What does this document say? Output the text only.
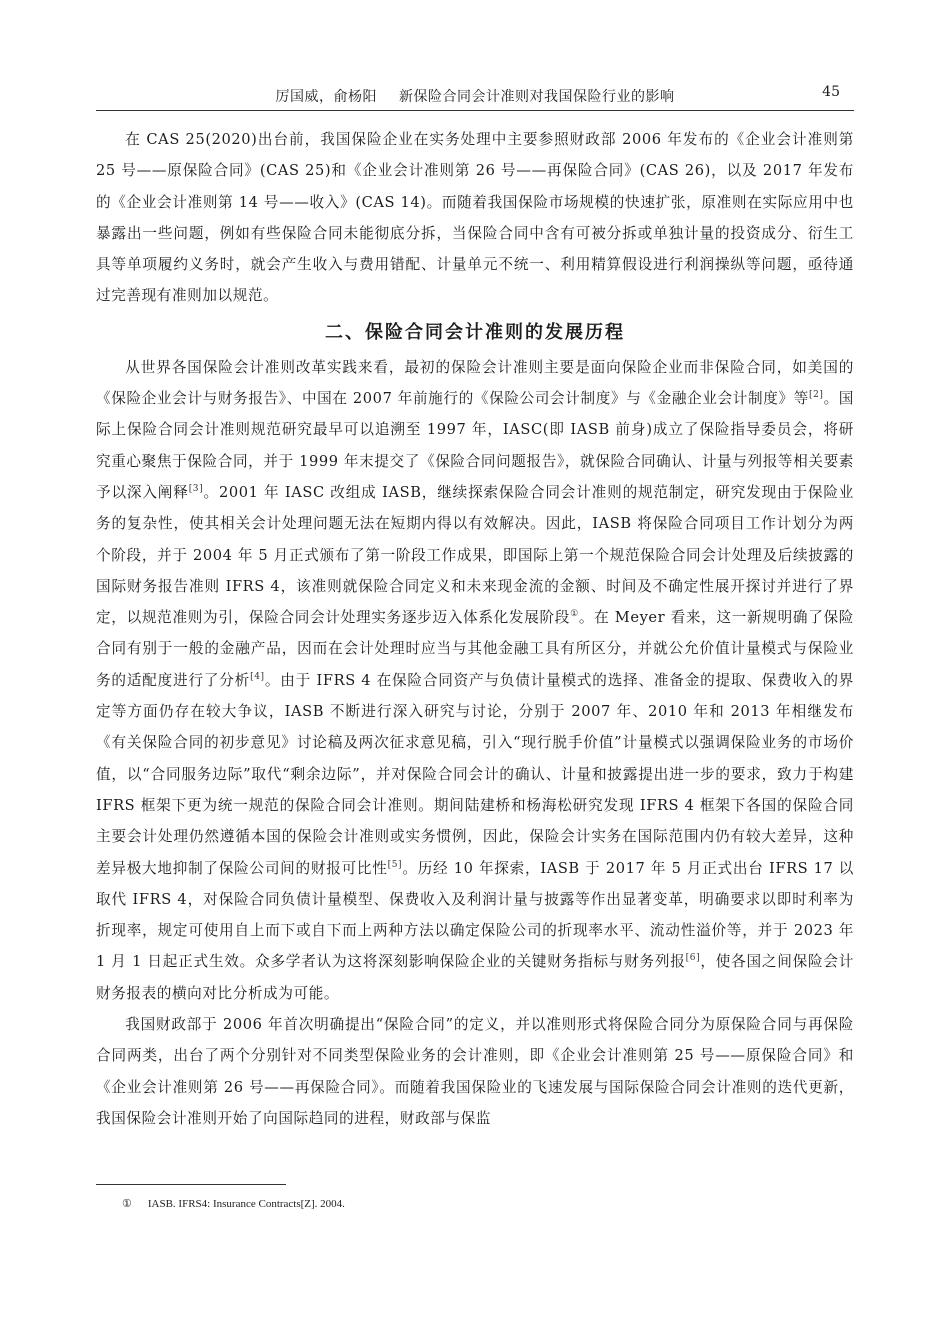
厉国威，俞杨阳 新保险合同会计准则对我国保险行业的影响	45

在 CAS 25(2020)出台前，我国保险企业在实务处理中主要参照财政部 2006 年发布的《企业会计准则第 25 号——原保险合同》(CAS 25)和《企业会计准则第 26 号——再保险合同》(CAS 26)，以及 2017 年发布的《企业会计准则第 14 号——收入》(CAS 14)。而随着我国保险市场规模的快速扩张，原准则在实际应用中也暴露出一些问题，例如有些保险合同未能彻底分拆，当保险合同中含有可被分拆或单独计量的投资成分、衍生工具等单项履约义务时，就会产生收入与费用错配、计量单元不统一、利用精算假设进行利润操纵等问题，亟待通过完善现有准则加以规范。

二、保险合同会计准则的发展历程

从世界各国保险会计准则改革实践来看，最初的保险会计准则主要是面向保险企业而非保险合同，如美国的《保险企业会计与财务报告》、中国在 2007 年前施行的《保险公司会计制度》与《金融企业会计制度》等[2]。国际上保险合同会计准则规范研究最早可以追溯至 1997 年，IASC(即 IASB 前身)成立了保险指导委员会，将研究重心聚焦于保险合同，并于 1999 年末提交了《保险合同问题报告》，就保险合同确认、计量与列报等相关要素予以深入阐释[3]。2001 年 IASC 改组成 IASB，继续探索保险合同会计准则的规范制定，研究发现由于保险业务的复杂性，使其相关会计处理问题无法在短期内得以有效解决。因此，IASB 将保险合同项目工作计划分为两个阶段，并于 2004 年 5 月正式颁布了第一阶段工作成果，即国际上第一个规范保险合同会计处理及后续披露的国际财务报告准则 IFRS 4，该准则就保险合同定义和未来现金流的金额、时间及不确定性展开探讨并进行了界定，以规范准则为引，保险合同会计处理实务逐步迈入体系化发展阶段①。在 Meyer 看来，这一新规明确了保险合同有别于一般的金融产品，因而在会计处理时应当与其他金融工具有所区分，并就公允价值计量模式与保险业务的适配度进行了分析[4]。由于 IFRS 4 在保险合同资产与负债计量模式的选择、准备金的提取、保费收入的界定等方面仍存在较大争议，IASB 不断进行深入研究与讨论，分别于 2007 年、2010 年和 2013 年相继发布《有关保险合同的初步意见》讨论稿及两次征求意见稿，引入“现行脱手价值”计量模式以强调保险业务的市场价值，以“合同服务边际”取代“剩余边际”，并对保险合同会计的确认、计量和披露提出进一步的要求，致力于构建 IFRS 框架下更为统一规范的保险合同会计准则。期间陆建桥和杨海松研究发现 IFRS 4 框架下各国的保险合同主要会计处理仍然遵循本国的保险会计准则或实务惯例，因此，保险会计实务在国际范围内仍有较大差异，这种差异极大地抑制了保险公司间的财报可比性[5]。历经 10 年探索，IASB 于 2017 年 5 月正式出台 IFRS 17 以取代 IFRS 4，对保险合同负债计量模型、保费收入及利润计量与披露等作出显著变革，明确要求以即时利率为折现率，规定可使用自上而下或自下而上两种方法以确定保险公司的折现率水平、流动性溢价等，并于 2023 年 1 月 1 日起正式生效。众多学者认为这将深刻影响保险企业的关键财务指标与财务列报[6]，使各国之间保险会计财务报表的横向对比分析成为可能。

我国财政部于 2006 年首次明确提出“保险合同”的定义，并以准则形式将保险合同分为原保险合同与再保险合同两类，出台了两个分别针对不同类型保险业务的会计准则，即《企业会计准则第 25 号——原保险合同》和《企业会计准则第 26 号——再保险合同》。而随着我国保险业的飞速发展与国际保险合同会计准则的迭代更新，我国保险会计准则开始了向国际趋同的进程，财政部与保监

① IASB. IFRS4: Insurance Contracts[Z]. 2004.
